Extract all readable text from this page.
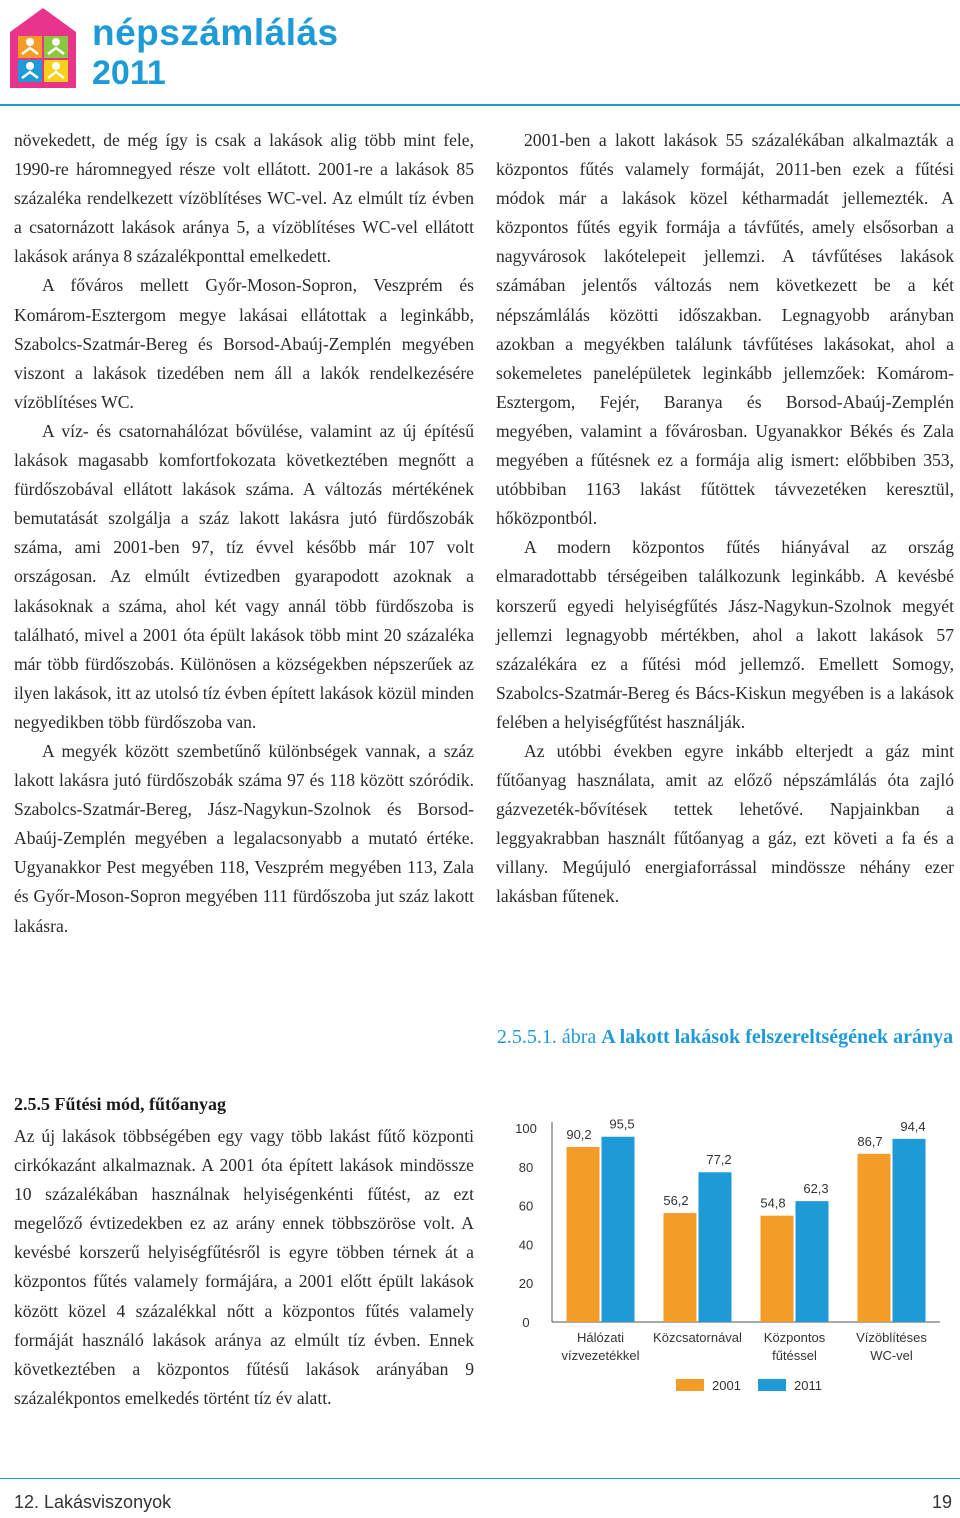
népszámlálás
2011

növekedett, de még így is csak a lakások alig több mint fele, 1990-re háromnegyed része volt ellátott. 2001-re a lakások 85 százaléka rendelkezett vízöblítéses WC-vel. Az elmúlt tíz évben a csatornázott lakások aránya 5, a vízöblítéses WC-vel ellátott lakások aránya 8 százalékponttal emelkedett.

A főváros mellett Győr-Moson-Sopron, Veszprém és Komárom-Esztergom megye lakásai ellátottak a leginkább, Szabolcs-Szatmár-Bereg és Borsod-Abaúj-Zemplén megyében viszont a lakások tizedében nem áll a lakók rendelkezésére vízöblítéses WC.

A víz- és csatornahálózat bővülése, valamint az új építésű lakások magasabb komfortfokozata következtében megnőtt a fürdőszobával ellátott lakások száma. A változás mértékének bemutatását szolgálja a száz lakott lakásra jutó fürdőszobák száma, ami 2001-ben 97, tíz évvel később már 107 volt országosan. Az elmúlt évtizedben gyarapodott azoknak a lakásoknak a száma, ahol két vagy annál több fürdőszoba is található, mivel a 2001 óta épült lakások több mint 20 százaléka már több fürdőszobás. Különösen a községekben népszerűek az ilyen lakások, itt az utolsó tíz évben épített lakások közül minden negyedikben több fürdőszoba van.

A megyék között szembetűnő különbségek vannak, a száz lakott lakásra jutó fürdőszobák száma 97 és 118 között szóródik. Szabolcs-Szatmár-Bereg, Jász-Nagykun-Szolnok és Borsod-Abaúj-Zemplén megyében a legalacsonyabb a mutató értéke. Ugyanakkor Pest megyében 118, Veszprém megyében 113, Zala és Győr-Moson-Sopron megyében 111 fürdőszoba jut száz lakott lakásra.

2.5.5 Fűtési mód, fűtőanyag

Az új lakások többségében egy vagy több lakást fűtő központi cirkókazánt alkalmaznak. A 2001 óta épített lakások mindössze 10 százalékában használnak helyiségenkénti fűtést, az ezt megelőző évtizedekben ez az arány ennek többszöröse volt. A kevésbé korszerű helyiségfűtésről is egyre többen térnek át a központos fűtés valamely formájára, a 2001 előtt épült lakások között közel 4 százalékkal nőtt a központos fűtés valamely formáját használó lakások aránya az elmúlt tíz évben. Ennek következtében a központos fűtésű lakások arányában 9 százalékpontos emelkedés történt tíz év alatt.

2001-ben a lakott lakások 55 százalékában alkalmazták a központos fűtés valamely formáját, 2011-ben ezek a fűtési módok már a lakások közel kétharmadát jellemezték. A központos fűtés egyik formája a távfűtés, amely elsősorban a nagyvárosok lakótelepeit jellemzi. A távfűtéses lakások számában jelentős változás nem következett be a két népszámlálás közötti időszakban. Legnagyobb arányban azokban a megyékben találunk távfűtéses lakásokat, ahol a sokemeletes panelépületek leginkább jellemzőek: Komárom-Esztergom, Fejér, Baranya és Borsod-Abaúj-Zemplén megyében, valamint a fővárosban. Ugyanakkor Békés és Zala megyében a fűtésnek ez a formája alig ismert: előbbiben 353, utóbbiban 1163 lakást fűtöttek távvezetéken keresztül, hőközpontból.

A modern központos fűtés hiányával az ország elmaradottabb térségeiben találkozunk leginkább. A kevésbé korszerű egyedi helyiségfűtés Jász-Nagykun-Szolnok megyét jellemzi legnagyobb mértékben, ahol a lakott lakások 57 százalékára ez a fűtési mód jellemző. Emellett Somogy, Szabolcs-Szatmár-Bereg és Bács-Kiskun megyében is a lakások felében a helyiségfűtést használják.

Az utóbbi években egyre inkább elterjedt a gáz mint fűtőanyag használata, amit az előző népszámlálás óta zajló gázvezeték-bővítések tettek lehetővé. Napjainkban a leggyakrabban használt fűtőanyag a gáz, ezt követi a fa és a villany. Megújuló energiaforrással mindössze néhány ezer lakásban fűtenek.

2.5.5.1. ábra A lakott lakások felszereltségének aránya
0
20
40
60
80
100 90,2
95,5
Hálózati
vízvezetékkel
56,2
77,2
Közcsatornával
54,8
62,3
Központos
fűtéssel
86,7
94,4
Vízöblítéses
WC-vel
2001	2011
12. Lakásviszonyok	19
